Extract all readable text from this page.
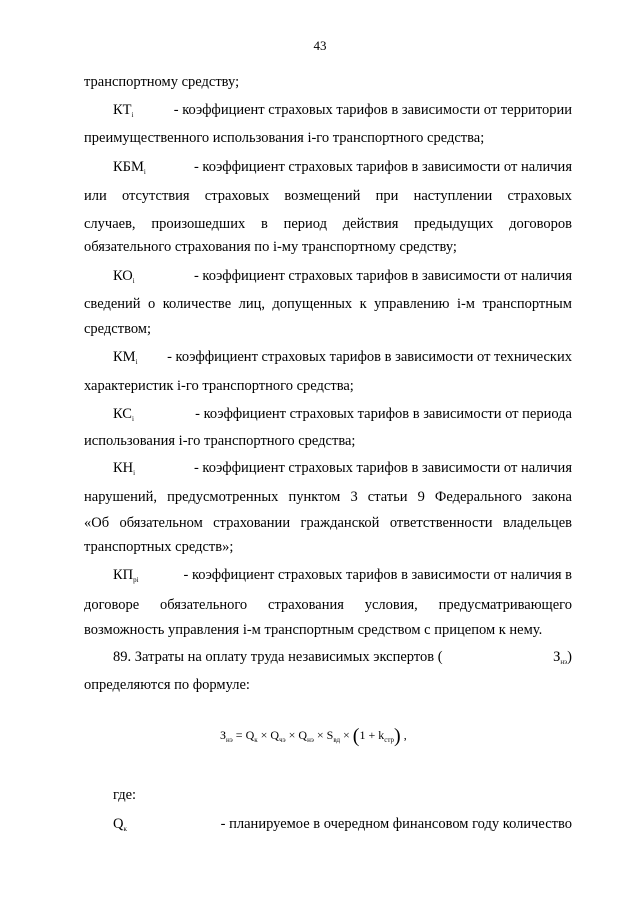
43
транспортному средству;
$КТ_i$	- коэффициент страховых тарифов в зависимости от территории
преимущественного использования i-го транспортного средства;
$КБМ_i$	- коэффициент страховых тарифов в зависимости от наличия
или отсутствия страховых возмещений при наступлении страховых
случаев, произошедших в период действия предыдущих договоров
обязательного страхования по i-му транспортному средству;
$КО_i$	- коэффициент страховых тарифов в зависимости от наличия
сведений о количестве лиц, допущенных к управлению i-м транспортным
средством;
$КМ_i$ - коэффициент страховых тарифов в зависимости от технических
характеристик i-го транспортного средства;
$КС_i$	- коэффициент страховых тарифов в зависимости от периода
использования i-го транспортного средства;
$КН_i$	- коэффициент страховых тарифов в зависимости от наличия
нарушений, предусмотренных пунктом 3 статьи 9 Федерального закона
«Об обязательном страховании гражданской ответственности владельцев
транспортных средств»;
$КП_{pi}$	- коэффициент страховых тарифов в зависимости от наличия в
договоре обязательного страхования условия, предусматривающего
возможность управления i-м транспортным средством с прицепом к нему.
89. Затраты на оплату труда независимых экспертов (	$З_{нэ}$)
определяются по формуле:
$З_{нэ} = Q_к \times Q_{чэ} \times Q_{нэ} \times S_{вд} \times (1 + k_{стр})$ ,
где:
$Q_к$	- планируемое в очередном финансовом году количество
